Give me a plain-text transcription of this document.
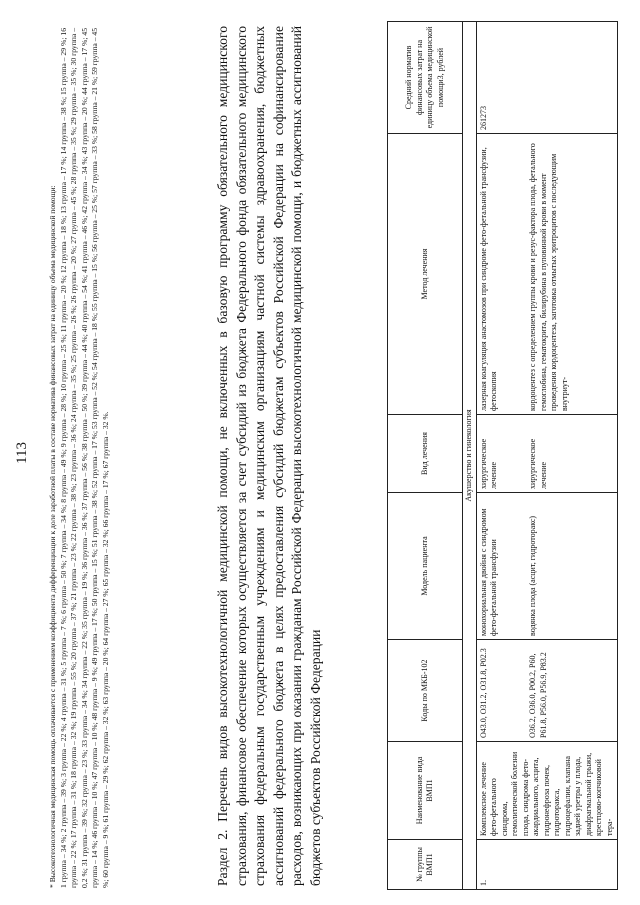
113 * Высокотехнологичная медицинская помощь оплачивается с применением коэффициента дифференциации к доле заработной платы в составе норматива финансовых затрат на единицу объема медицинской помощи: 1 группа – 34 %; 2 группа – 39 %; 3 группа – 22 %; 4 группа – 31 %; 5 группа – 7 %; 6 группа – 50 %; 7 группа – 34 %; 8 группа – 49 %; 9 группа – 28 %; 10 группа – 25 %; 11 группа – 20 %; 12 группа – 18 %; 13 группа – 17 %; 14 группа – 38 %; 15 группа – 29 %; 16 группа – 22 %; 17 группа – 31 %; 18 группа – 32 %; 19 группа – 55 %; 20 группа – 37 %; 21 группа – 23 %; 22 группа – 38 %; 23 группа – 36 %; 24 группа – 35 %; 25 группа – 26 %; 26 группа – 20 %; 27 группа – 45 %; 28 группа – 35 %; 29 группа – 35 %; 30 группа – 0,2 %; 31 группа – 39 %; 32 группа – 23 %; 33 группа – 34 %; 34 группа – 22 %; 35 группа – 19 %; 36 группа – 36 %; 37 группа – 56 %; 38 группа – 50 %; 39 группа – 44 %; 40 группа – 54 %; 41 группа – 46 %; 42 группа – 34 %; 43 группа – 20 %; 44 группа – 17 %; 45 группа – 14 %; 46 группа – 10 %; 47 группа – 10 %; 48 группа – 9 %; 49 группа – 17 %; 50 группа – 15 %; 51 группа – 38 %; 52 группа – 17 %; 53 группа – 52 %; 54 группа – 18 %; 55 группа – 15 %; 56 группа – 25 %; 57 группа – 33 %; 58 группа – 21 %; 59 группа – 45 %; 60 группа – 9 %; 61 группа – 29 %; 62 группа – 32 %; 63 группа – 20 %; 64 группа – 27 %; 65 группа – 32 %; 66 группа – 17 %; 67 группа – 32 %.	Раздел 2. Перечень видов высокотехнологичной медицинской помощи, не включенных в базовую программу обязательного медицинского страхования, финансовое обеспечение которых осуществляется за счет субсидий из бюджета Федерального фонда обязательного медицинского страхования федеральным государственным учреждениям и медицинским организациям частной системы здравоохранения, бюджетных ассигнований федерального бюджета в целях предоставления субсидий бюджетам субъектов Российской Федерации на софинансирование расходов, возникающих при оказании гражданам Российской Федерации высокотехнологичной медицинской помощи, и бюджетных ассигнований бюджетов субъектов Российской Федерации	№ группы ВМП1	Наименование вида ВМП1	Коды по МКБ-102	Модель пациента	Вид лечения	Метод лечения	Средний норматив финансовых затрат на единицу объема медицинской помощи3, рублей
Акушерство и гинекология						
1.	Комплексное лечение фето-фетального синдрома, гемолитической болезни плода, синдрома фето-акардиального, асцита, гидронефроза почек, гидроторакса, гидроцефалии, клапана задней уретры у плода, диафрагмальной грыжи, крестцово-копчиковой тера-	O43.0, O31.2, O31.8, P02.3	монохориальная двойня с синдромом фето-фетальной трансфузии	хирургическое лечение	лазерная коагуляция анастомозов при синдроме фето-фетальной трансфузии, фетоскопия	261273
		O36.2, O36.0, P00.2, P60, P61.8, P56.0, P56.9, P83.2	водянка плода (асцит, гидроторакс)	хирургическое лечение	кордоцентез с определением группы крови и резус-фактора плода, фетального гемоглобина, гематокрита, билирубина в пуповинной крови в момент проведения кордоцентеза, заготовка отмытых эритроцитов с последующим внутриут-	
